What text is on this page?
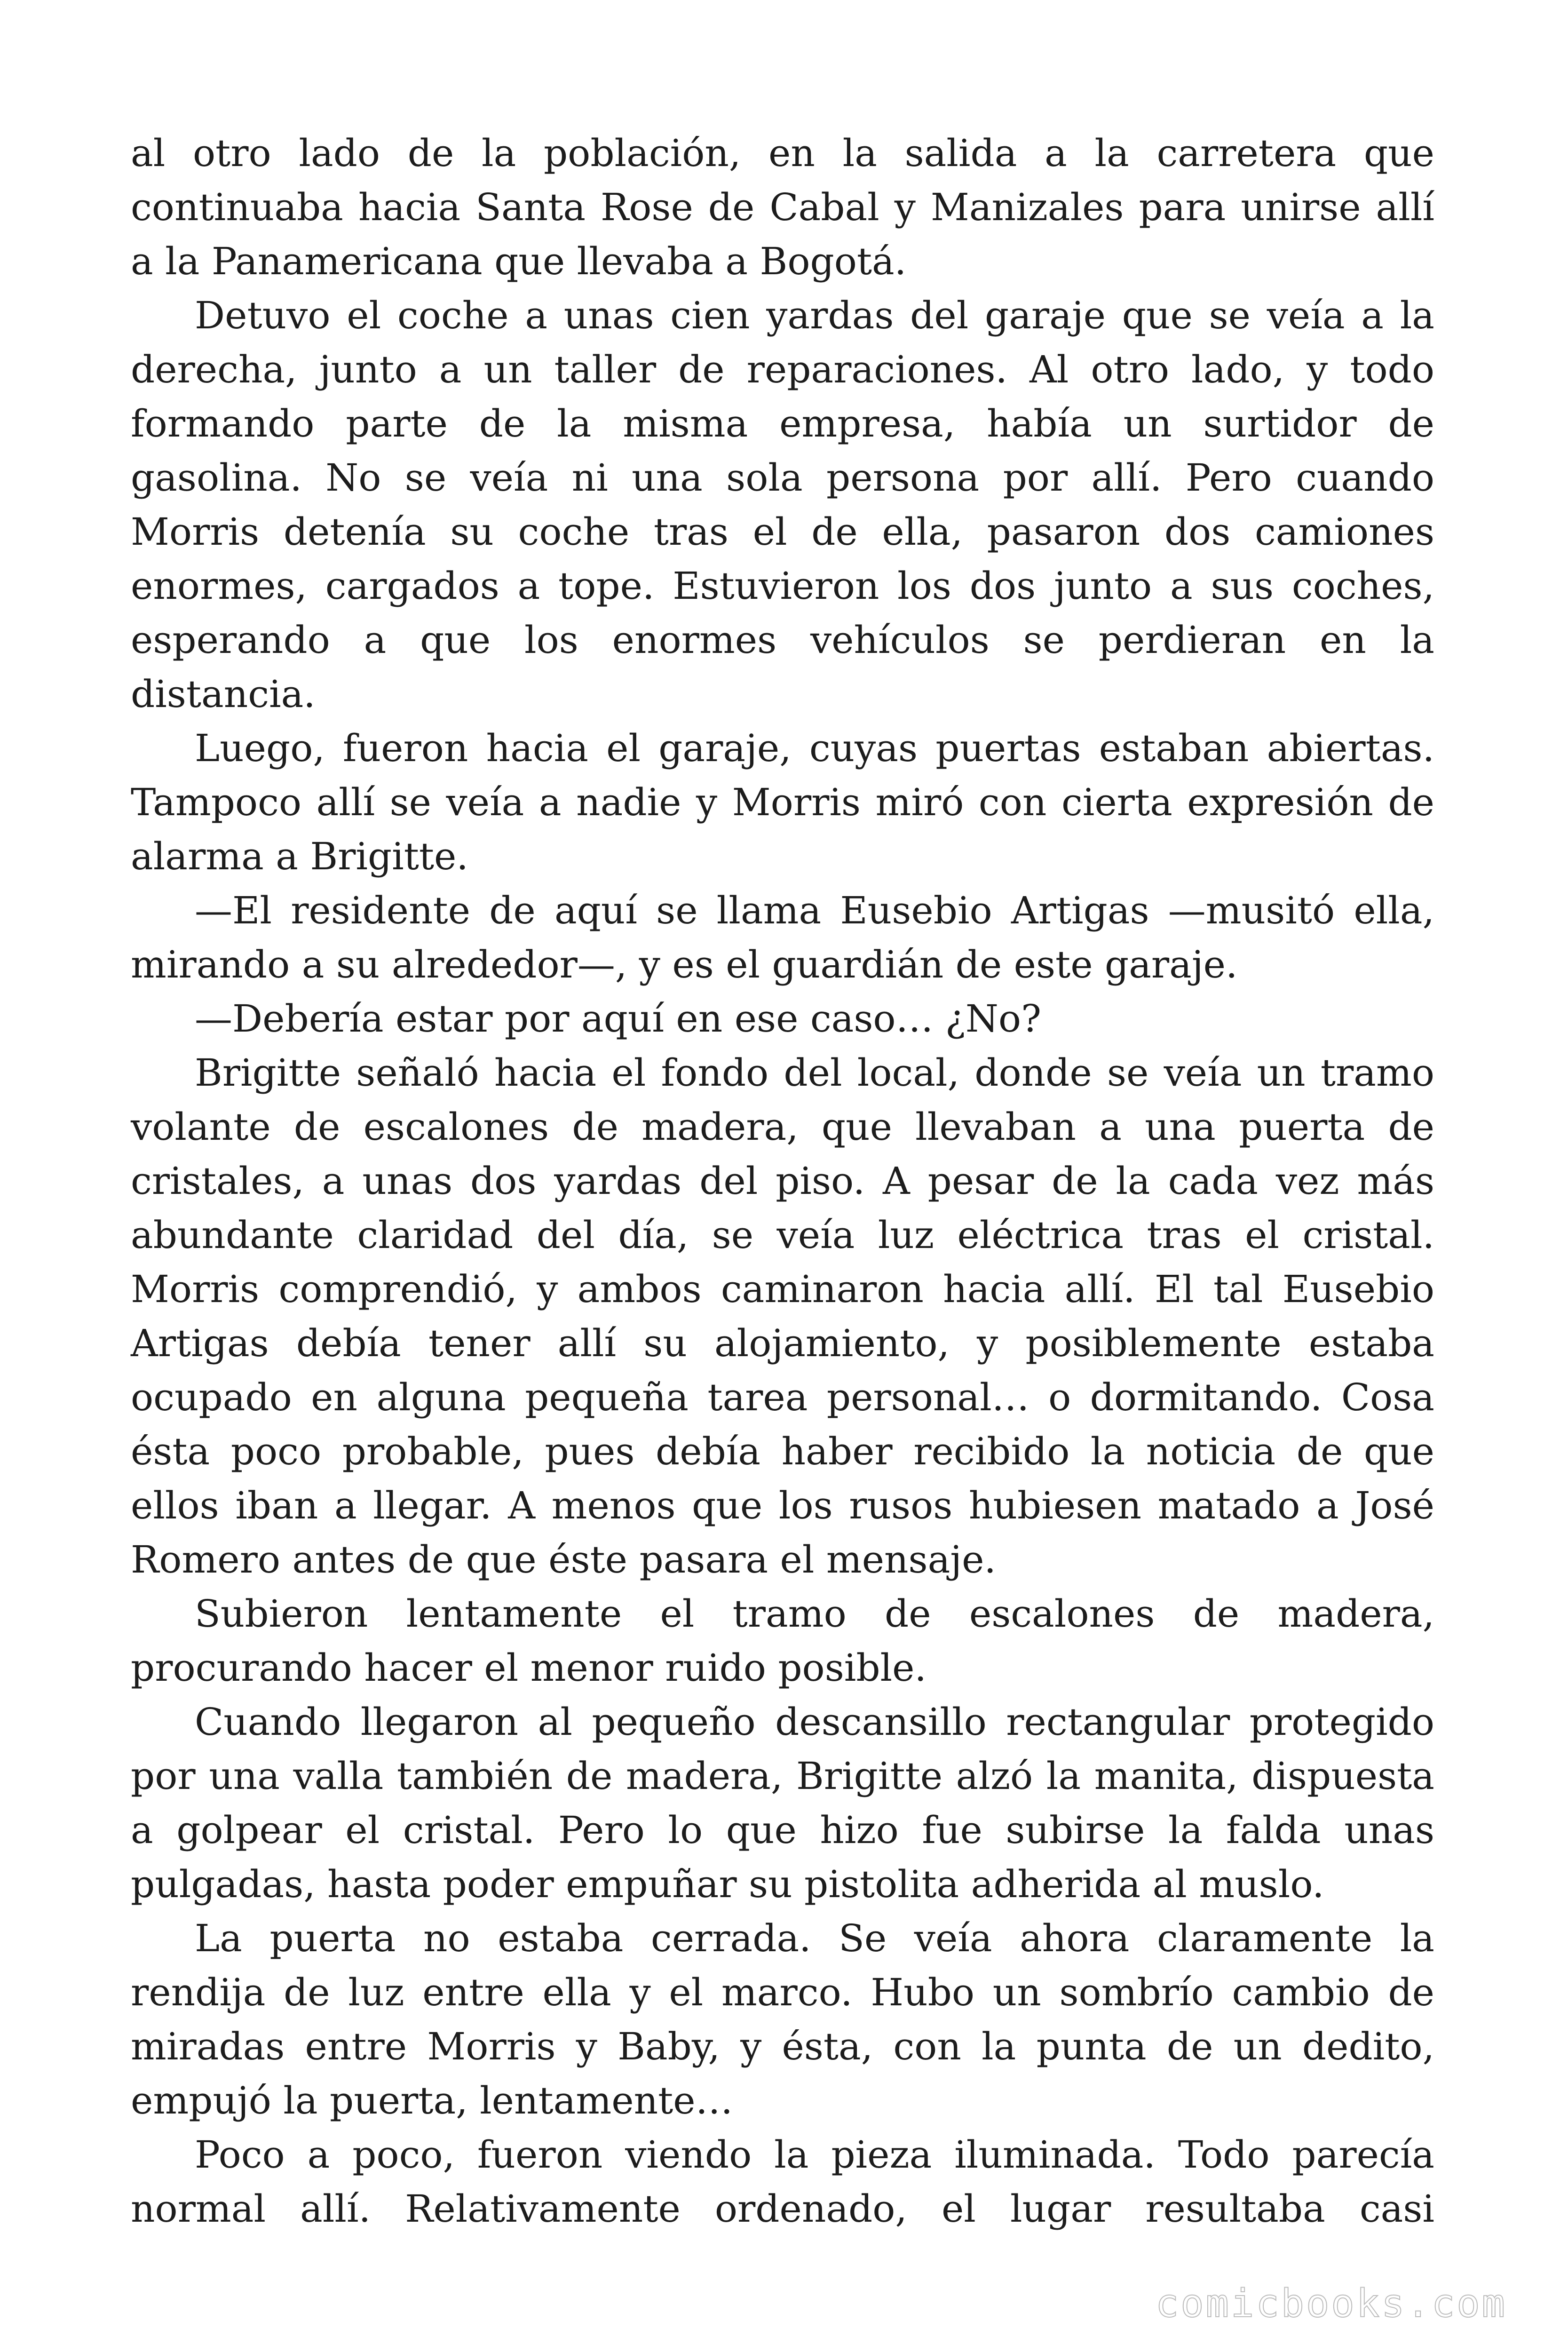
al otro lado de la población, en la salida a la carretera que continuaba hacia Santa Rose de Cabal y Manizales para unirse allí a la Panamericana que llevaba a Bogotá.

Detuvo el coche a unas cien yardas del garaje que se veía a la derecha, junto a un taller de reparaciones. Al otro lado, y todo formando parte de la misma empresa, había un surtidor de gasolina. No se veía ni una sola persona por allí. Pero cuando Morris detenía su coche tras el de ella, pasaron dos camiones enormes, cargados a tope. Estuvieron los dos junto a sus coches, esperando a que los enormes vehículos se perdieran en la distancia.

Luego, fueron hacia el garaje, cuyas puertas estaban abiertas. Tampoco allí se veía a nadie y Morris miró con cierta expresión de alarma a Brigitte.

—El residente de aquí se llama Eusebio Artigas —musitó ella, mirando a su alrededor—, y es el guardián de este garaje.

—Debería estar por aquí en ese caso… ¿No?

Brigitte señaló hacia el fondo del local, donde se veía un tramo volante de escalones de madera, que llevaban a una puerta de cristales, a unas dos yardas del piso. A pesar de la cada vez más abundante claridad del día, se veía luz eléctrica tras el cristal. Morris comprendió, y ambos caminaron hacia allí. El tal Eusebio Artigas debía tener allí su alojamiento, y posiblemente estaba ocupado en alguna pequeña tarea personal… o dormitando. Cosa ésta poco probable, pues debía haber recibido la noticia de que ellos iban a llegar. A menos que los rusos hubiesen matado a José Romero antes de que éste pasara el mensaje.

Subieron lentamente el tramo de escalones de madera, procurando hacer el menor ruido posible.

Cuando llegaron al pequeño descansillo rectangular protegido por una valla también de madera, Brigitte alzó la manita, dispuesta a golpear el cristal. Pero lo que hizo fue subirse la falda unas pulgadas, hasta poder empuñar su pistolita adherida al muslo.

La puerta no estaba cerrada. Se veía ahora claramente la rendija de luz entre ella y el marco. Hubo un sombrío cambio de miradas entre Morris y Baby, y ésta, con la punta de un dedito, empujó la puerta, lentamente…

Poco a poco, fueron viendo la pieza iluminada. Todo parecía normal allí. Relativamente ordenado, el lugar resultaba casi

comicbooks.com
